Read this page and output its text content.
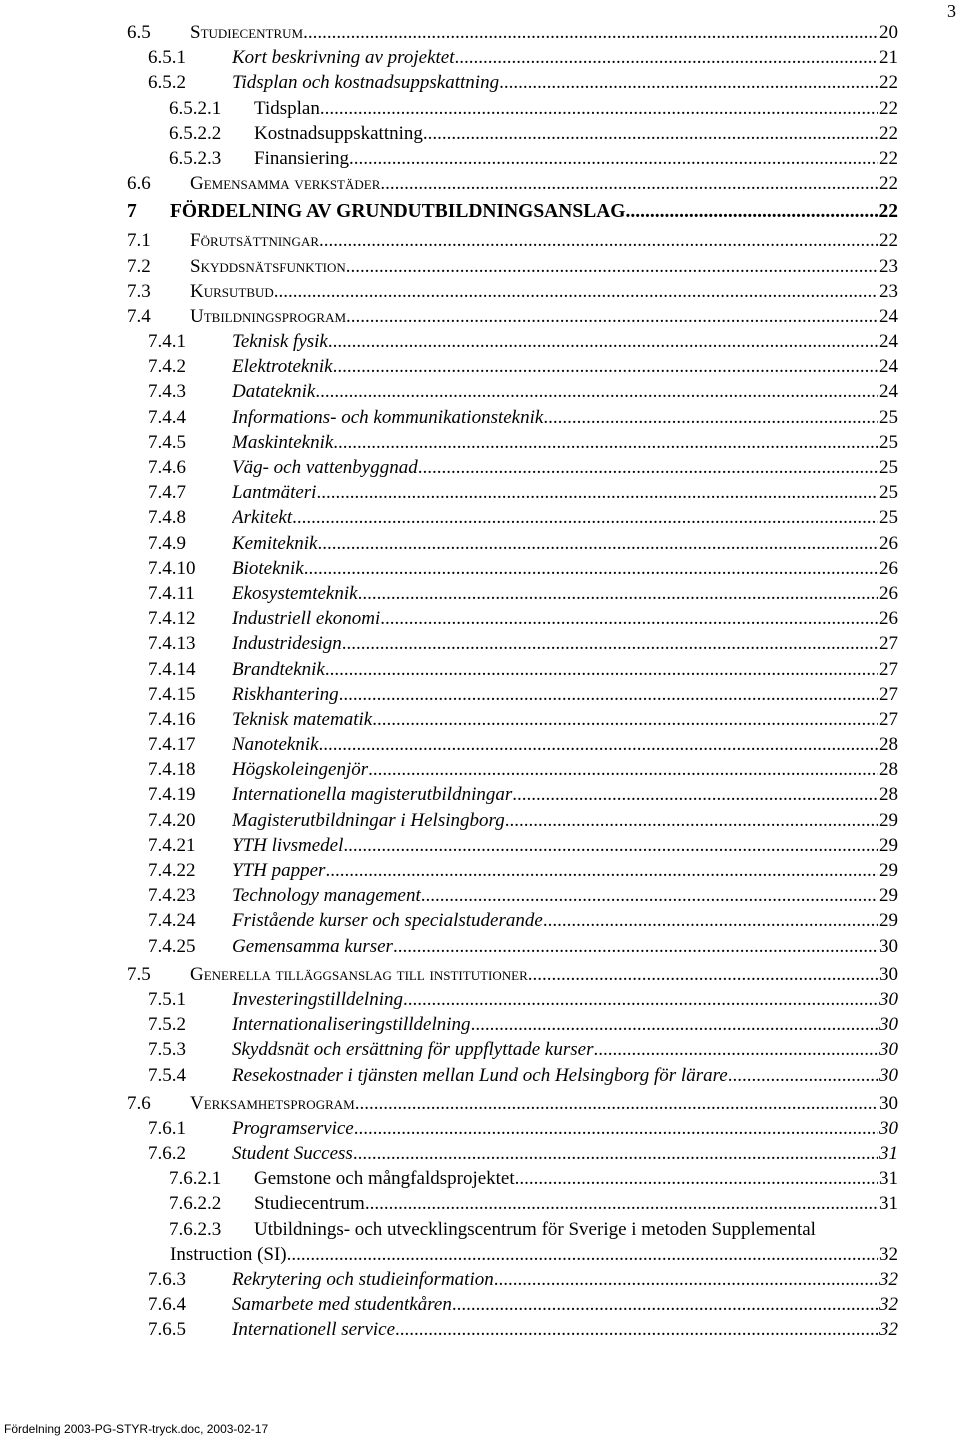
3
6.5 Studiecentrum .....	20
6.5.1 Kort beskrivning av projektet .....	21
6.5.2 Tidsplan och kostnadsuppskattning .....	22
6.5.2.1 Tidsplan .....	22
6.5.2.2 Kostnadsuppskattning .....	22
6.5.2.3 Finansiering .....	22
6.6 Gemensamma verkstäder .....	22
7 FÖRDELNING AV GRUNDUTBILDNINGSANSLAG .....	22
7.1 Förutsättningar .....	22
7.2 Skyddsnätsfunktion .....	23
7.3 Kursutbud .....	23
7.4 Utbildningsprogram .....	24
7.4.1 Teknisk fysik .....	24
7.4.2 Elektroteknik .....	24
7.4.3 Datateknik .....	24
7.4.4 Informations- och kommunikationsteknik .....	25
7.4.5 Maskinteknik .....	25
7.4.6 Väg- och vattenbyggnad .....	25
7.4.7 Lantmäteri .....	25
7.4.8 Arkitekt .....	25
7.4.9 Kemiteknik .....	26
7.4.10 Bioteknik .....	26
7.4.11 Ekosystemteknik .....	26
7.4.12 Industriell ekonomi .....	26
7.4.13 Industridesign .....	27
7.4.14 Brandteknik .....	27
7.4.15 Riskhantering .....	27
7.4.16 Teknisk matematik .....	27
7.4.17 Nanoteknik .....	28
7.4.18 Högskoleingenjör .....	28
7.4.19 Internationella magisterutbildningar .....	28
7.4.20 Magisterutbildningar i Helsingborg .....	29
7.4.21 YTH livsmedel .....	29
7.4.22 YTH papper .....	29
7.4.23 Technology management .....	29
7.4.24 Fristående kurser och specialstuderande .....	29
7.4.25 Gemensamma kurser .....	30
7.5 Generella tilläggsanslag till institutioner .....	30
7.5.1 Investeringstilldelning .....	30
7.5.2 Internationaliseringstilldelning .....	30
7.5.3 Skyddsnät och ersättning för uppflyttade kurser .....	30
7.5.4 Resekostnader i tjänsten mellan Lund och Helsingborg för lärare .....	30
7.6 Verksamhetsprogram .....	30
7.6.1 Programservice .....	30
7.6.2 Student Success .....	31
7.6.2.1 Gemstone och mångfaldsprojektet .....	31
7.6.2.2 Studiecentrum .....	31
7.6.2.3 Utbildnings- och utvecklingscentrum för Sverige i metoden Supplemental
Instruction (SI). .....	32
7.6.3 Rekrytering och studieinformation .....	32
7.6.4 Samarbete med studentkåren .....	32
7.6.5 Internationell service .....	32
Fördelning 2003-PG-STYR-tryck.doc, 2003-02-17
